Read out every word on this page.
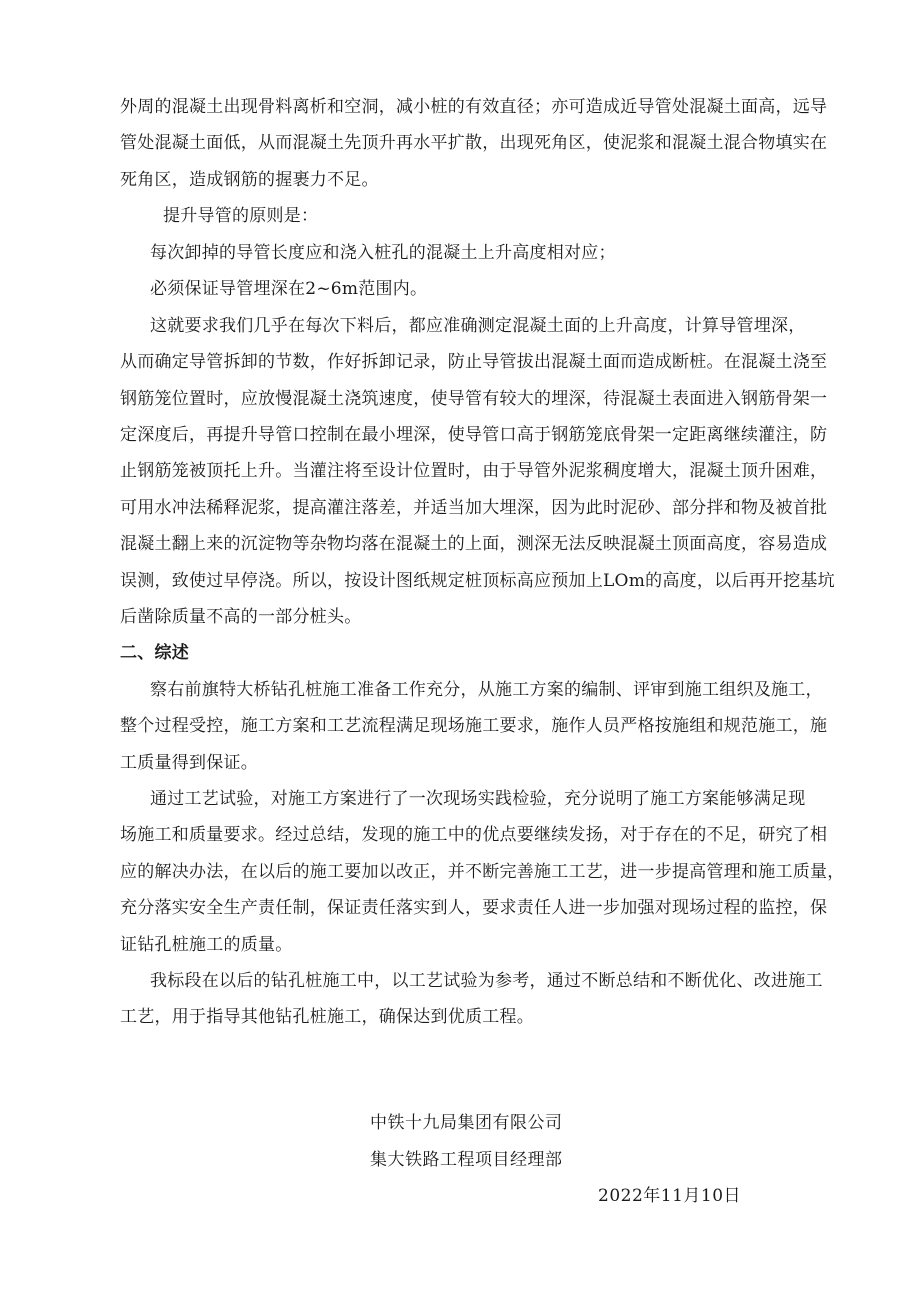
外周的混凝土出现骨料离析和空洞，减小桩的有效直径；亦可造成近导管处混凝土面高，远导
管处混凝土面低，从而混凝土先顶升再水平扩散，出现死角区，使泥浆和混凝土混合物填实在
死角区，造成钢筋的握裹力不足。
提升导管的原则是：
每次卸掉的导管长度应和浇入桩孔的混凝土上升高度相对应；
必须保证导管埋深在2~6m范围内。
这就要求我们几乎在每次下料后，都应准确测定混凝土面的上升高度，计算导管埋深，
从而确定导管拆卸的节数，作好拆卸记录，防止导管拔出混凝土面而造成断桩。在混凝土浇至
钢筋笼位置时，应放慢混凝土浇筑速度，使导管有较大的埋深，待混凝土表面进入钢筋骨架一
定深度后，再提升导管口控制在最小埋深，使导管口高于钢筋笼底骨架一定距离继续灌注，防
止钢筋笼被顶托上升。当灌注将至设计位置时，由于导管外泥浆稠度增大，混凝土顶升困难，
可用水冲法稀释泥浆，提高灌注落差，并适当加大埋深，因为此时泥砂、部分拌和物及被首批
混凝土翻上来的沉淀物等杂物均落在混凝土的上面，测深无法反映混凝土顶面高度，容易造成
误测，致使过早停浇。所以，按设计图纸规定桩顶标高应预加上LOm的高度，以后再开挖基坑
后凿除质量不高的一部分桩头。
二、综述
察右前旗特大桥钻孔桩施工准备工作充分，从施工方案的编制、评审到施工组织及施工，
整个过程受控，施工方案和工艺流程满足现场施工要求，施作人员严格按施组和规范施工，施
工质量得到保证。
通过工艺试验，对施工方案进行了一次现场实践检验，充分说明了施工方案能够满足现
场施工和质量要求。经过总结，发现的施工中的优点要继续发扬，对于存在的不足，研究了相
应的解决办法，在以后的施工要加以改正，并不断完善施工工艺，进一步提高管理和施工质量，
充分落实安全生产责任制，保证责任落实到人，要求责任人进一步加强对现场过程的监控，保
证钻孔桩施工的质量。
我标段在以后的钻孔桩施工中，以工艺试验为参考，通过不断总结和不断优化、改进施工
工艺，用于指导其他钻孔桩施工，确保达到优质工程。
中铁十九局集团有限公司
集大铁路工程项目经理部
2022年11月10日
